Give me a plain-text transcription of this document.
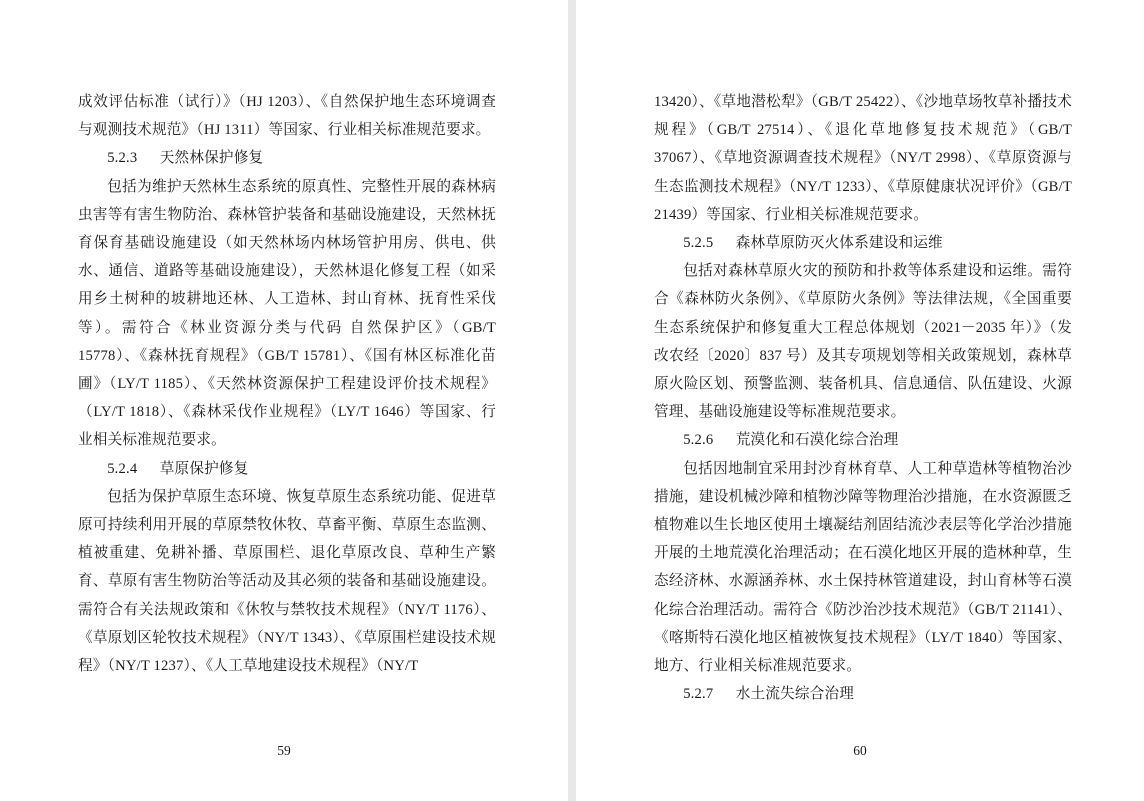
成效评估标准（试行）》（HJ 1203）、《自然保护地生态环境调查与观测技术规范》（HJ 1311）等国家、行业相关标准规范要求。

5.2.3 天然林保护修复

包括为维护天然林生态系统的原真性、完整性开展的森林病虫害等有害生物防治、森林管护装备和基础设施建设，天然林抚育保育基础设施建设（如天然林场内林场管护用房、供电、供水、通信、道路等基础设施建设），天然林退化修复工程（如采用乡土树种的坡耕地还林、人工造林、封山育林、抚育性采伐等）。需符合《林业资源分类与代码 自然保护区》（GB/T 15778）、《森林抚育规程》（GB/T 15781）、《国有林区标准化苗圃》（LY/T 1185）、《天然林资源保护工程建设评价技术规程》（LY/T 1818）、《森林采伐作业规程》（LY/T 1646）等国家、行业相关标准规范要求。

5.2.4 草原保护修复

包括为保护草原生态环境、恢复草原生态系统功能、促进草原可持续利用开展的草原禁牧休牧、草畜平衡、草原生态监测、植被重建、免耕补播、草原围栏、退化草原改良、草种生产繁育、草原有害生物防治等活动及其必须的装备和基础设施建设。需符合有关法规政策和《休牧与禁牧技术规程》（NY/T 1176）、《草原划区轮牧技术规程》（NY/T 1343）、《草原围栏建设技术规程》（NY/T 1237）、《人工草地建设技术规程》（NY/T

59

13420）、《草地潜松犁》（GB/T 25422）、《沙地草场牧草补播技术规程》（GB/T 27514）、《退化草地修复技术规范》（GB/T 37067）、《草地资源调查技术规程》（NY/T 2998）、《草原资源与生态监测技术规程》（NY/T 1233）、《草原健康状况评价》（GB/T 21439）等国家、行业相关标准规范要求。

5.2.5 森林草原防灭火体系建设和运维

包括对森林草原火灾的预防和扑救等体系建设和运维。需符合《森林防火条例》、《草原防火条例》等法律法规，《全国重要生态系统保护和修复重大工程总体规划（2021－2035 年）》（发改农经〔2020〕837 号）及其专项规划等相关政策规划，森林草原火险区划、预警监测、装备机具、信息通信、队伍建设、火源管理、基础设施建设等标准规范要求。

5.2.6 荒漠化和石漠化综合治理

包括因地制宜采用封沙育林育草、人工种草造林等植物治沙措施，建设机械沙障和植物沙障等物理治沙措施，在水资源匮乏植物难以生长地区使用土壤凝结剂固结流沙表层等化学治沙措施开展的土地荒漠化治理活动；在石漠化地区开展的造林种草，生态经济林、水源涵养林、水土保持林管道建设，封山育林等石漠化综合治理活动。需符合《防沙治沙技术规范》（GB/T 21141）、《喀斯特石漠化地区植被恢复技术规程》（LY/T 1840）等国家、地方、行业相关标准规范要求。

5.2.7 水土流失综合治理

60
